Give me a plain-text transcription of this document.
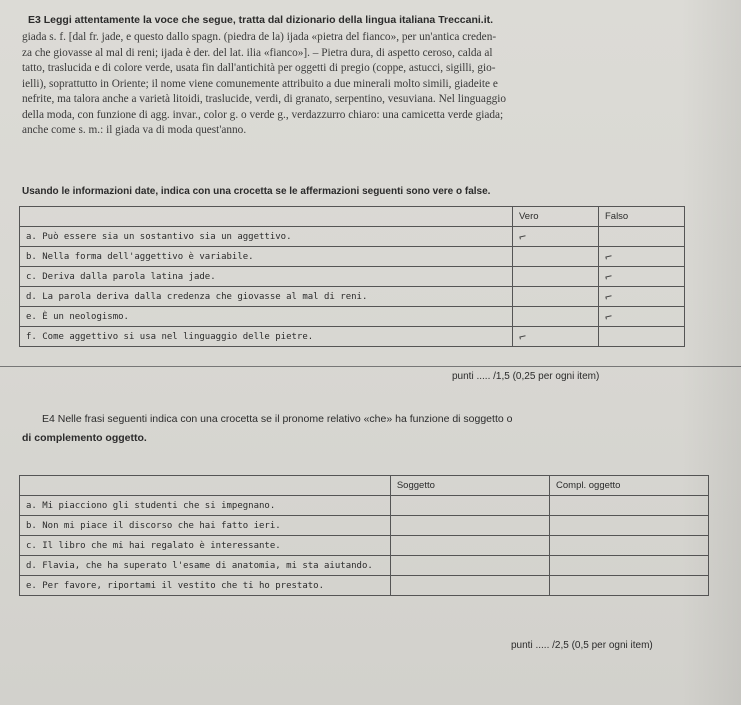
E3 Leggi attentamente la voce che segue, tratta dal dizionario della lingua italiana Treccani.it.
giada s. f. [dal fr. jade, e questo dallo spagn. (piedra de la) ijada «pietra del fianco», per un'antica creden-
za che giovasse al mal di reni; ijada è der. del lat. ilia «fianco»]. – Pietra dura, di aspetto ceroso, calda al
tatto, traslucida e di colore verde, usata fin dall'antichità per oggetti di pregio (coppe, astucci, sigilli, gio-
ielli), soprattutto in Oriente; il nome viene comunemente attribuito a due minerali molto simili, giadeite e
nefrite, ma talora anche a varietà litoidi, traslucide, verdi, di granato, serpentino, vesuviana. Nel linguaggio
della moda, con funzione di agg. invar., color g. o verde g., verdazzurro chiaro: una camicetta verde giada;
anche come s. m.: il giada va di moda quest'anno.
Usando le informazioni date, indica con una crocetta se le affermazioni seguenti sono vere o false.
	Vero	Falso
a. Può essere sia un sostantivo sia un aggettivo.	⌐	
b. Nella forma dell'aggettivo è variabile.		⌐
c. Deriva dalla parola latina jade.		⌐
d. La parola deriva dalla credenza che giovasse al mal di reni.		⌐
e. È un neologismo.		⌐
f. Come aggettivo si usa nel linguaggio delle pietre.	⌐	
punti ..... /1,5 (0,25 per ogni item)
E4 Nelle frasi seguenti indica con una crocetta se il pronome relativo «che» ha funzione di soggetto o
di complemento oggetto.
	Soggetto	Compl. oggetto
a. Mi piacciono gli studenti che si impegnano.		
b. Non mi piace il discorso che hai fatto ieri.		
c. Il libro che mi hai regalato è interessante.		
d. Flavia, che ha superato l'esame di anatomia, mi sta aiutando.		
e. Per favore, riportami il vestito che ti ho prestato.		
punti ..... /2,5 (0,5 per ogni item)
